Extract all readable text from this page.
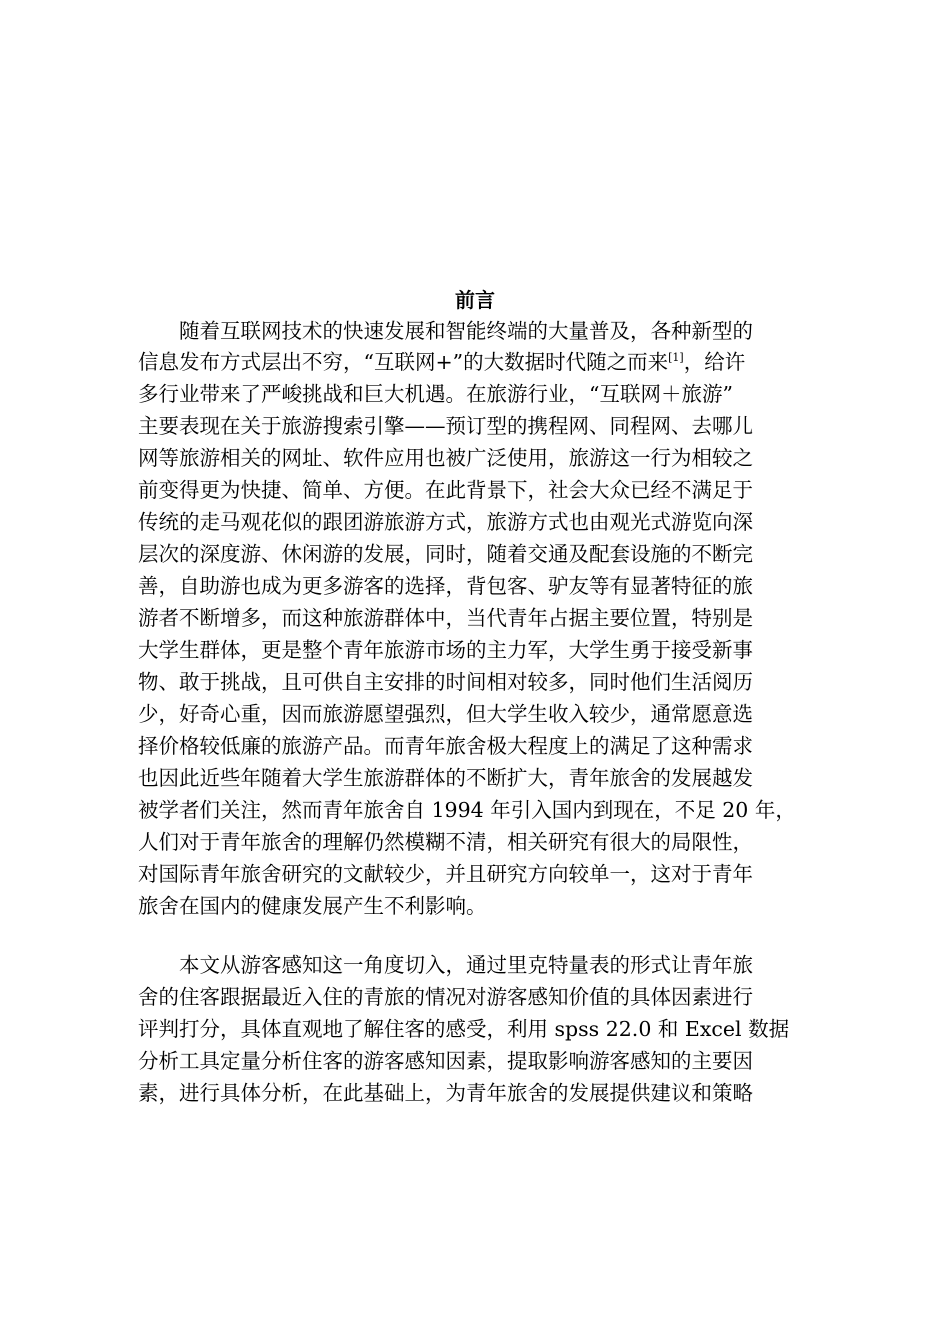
前言

　　随着互联网技术的快速发展和智能终端的大量普及，各种新型的

信息发布方式层出不穷，“互联网+”的大数据时代随之而来[1]，给许

多行业带来了严峻挑战和巨大机遇。在旅游行业，“互联网＋旅游”

主要表现在关于旅游搜索引擎——预订型的携程网、同程网、去哪儿

网等旅游相关的网址、软件应用也被广泛使用，旅游这一行为相较之

前变得更为快捷、简单、方便。在此背景下，社会大众已经不满足于

传统的走马观花似的跟团游旅游方式，旅游方式也由观光式游览向深

层次的深度游、休闲游的发展，同时，随着交通及配套设施的不断完

善，自助游也成为更多游客的选择，背包客、驴友等有显著特征的旅

游者不断增多，而这种旅游群体中，当代青年占据主要位置，特别是

大学生群体，更是整个青年旅游市场的主力军，大学生勇于接受新事

物、敢于挑战，且可供自主安排的时间相对较多，同时他们生活阅历

少，好奇心重，因而旅游愿望强烈，但大学生收入较少，通常愿意选

择价格较低廉的旅游产品。而青年旅舍极大程度上的满足了这种需求

也因此近些年随着大学生旅游群体的不断扩大，青年旅舍的发展越发

被学者们关注，然而青年旅舍自 1994 年引入国内到现在，不足 20 年，

人们对于青年旅舍的理解仍然模糊不清，相关研究有很大的局限性，

对国际青年旅舍研究的文献较少，并且研究方向较单一，这对于青年

旅舍在国内的健康发展产生不利影响。

　　本文从游客感知这一角度切入，通过里克特量表的形式让青年旅

舍的住客跟据最近入住的青旅的情况对游客感知价值的具体因素进行

评判打分，具体直观地了解住客的感受，利用 spss 22.0 和 Excel 数据

分析工具定量分析住客的游客感知因素，提取影响游客感知的主要因

素，进行具体分析，在此基础上，为青年旅舍的发展提供建议和策略
